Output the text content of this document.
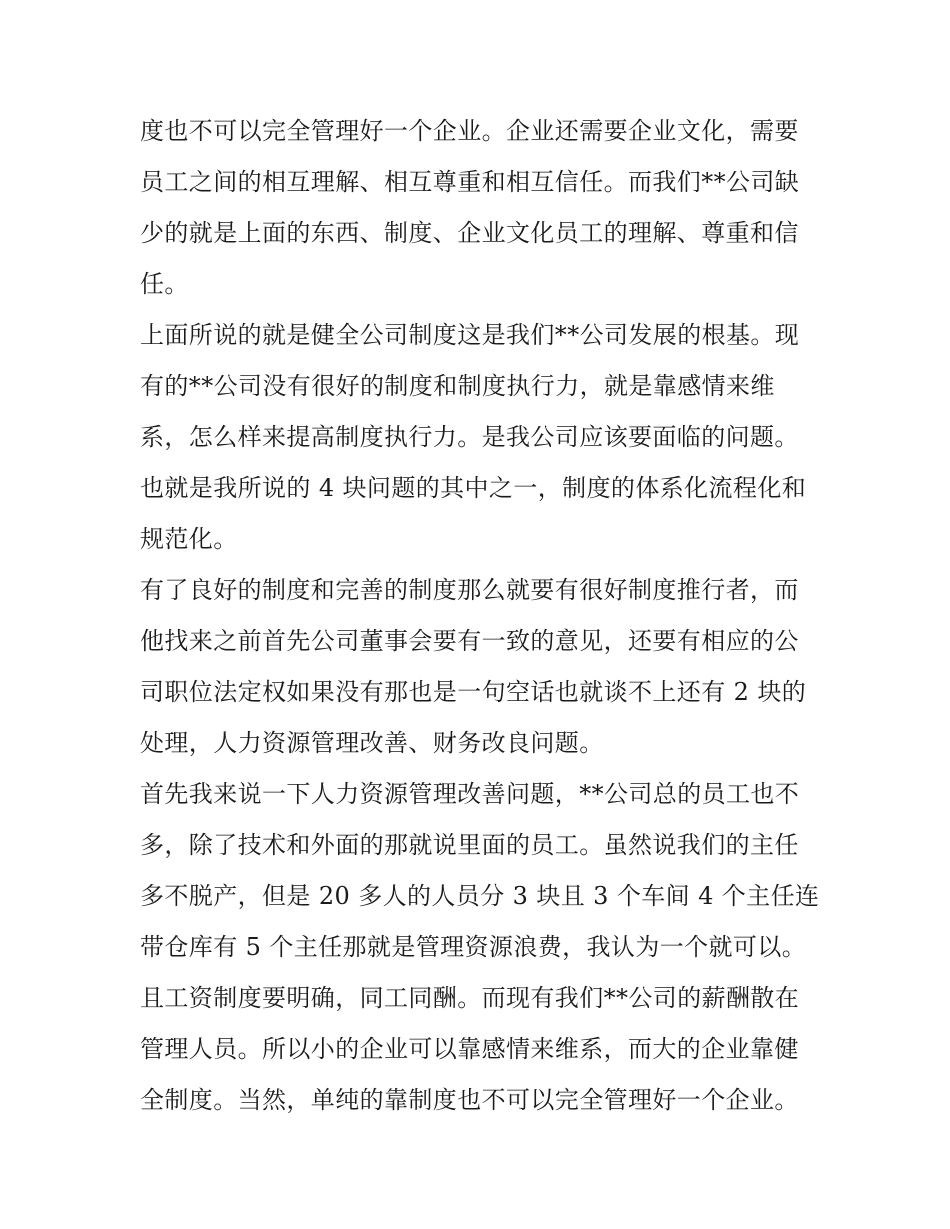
度也不可以完全管理好一个企业。企业还需要企业文化，需要
员工之间的相互理解、相互尊重和相互信任。而我们**公司缺
少的就是上面的东西、制度、企业文化员工的理解、尊重和信
任。
上面所说的就是健全公司制度这是我们**公司发展的根基。现
有的**公司没有很好的制度和制度执行力，就是靠感情来维
系，怎么样来提高制度执行力。是我公司应该要面临的问题。
也就是我所说的 4 块问题的其中之一，制度的体系化流程化和
规范化。
有了良好的制度和完善的制度那么就要有很好制度推行者，而
他找来之前首先公司董事会要有一致的意见，还要有相应的公
司职位法定权如果没有那也是一句空话也就谈不上还有 2 块的
处理，人力资源管理改善、财务改良问题。
首先我来说一下人力资源管理改善问题，**公司总的员工也不
多，除了技术和外面的那就说里面的员工。虽然说我们的主任
多不脱产，但是 20 多人的人员分 3 块且 3 个车间 4 个主任连
带仓库有 5 个主任那就是管理资源浪费，我认为一个就可以。
且工资制度要明确，同工同酬。而现有我们**公司的薪酬散在
管理人员。所以小的企业可以靠感情来维系，而大的企业靠健
全制度。当然，单纯的靠制度也不可以完全管理好一个企业。
